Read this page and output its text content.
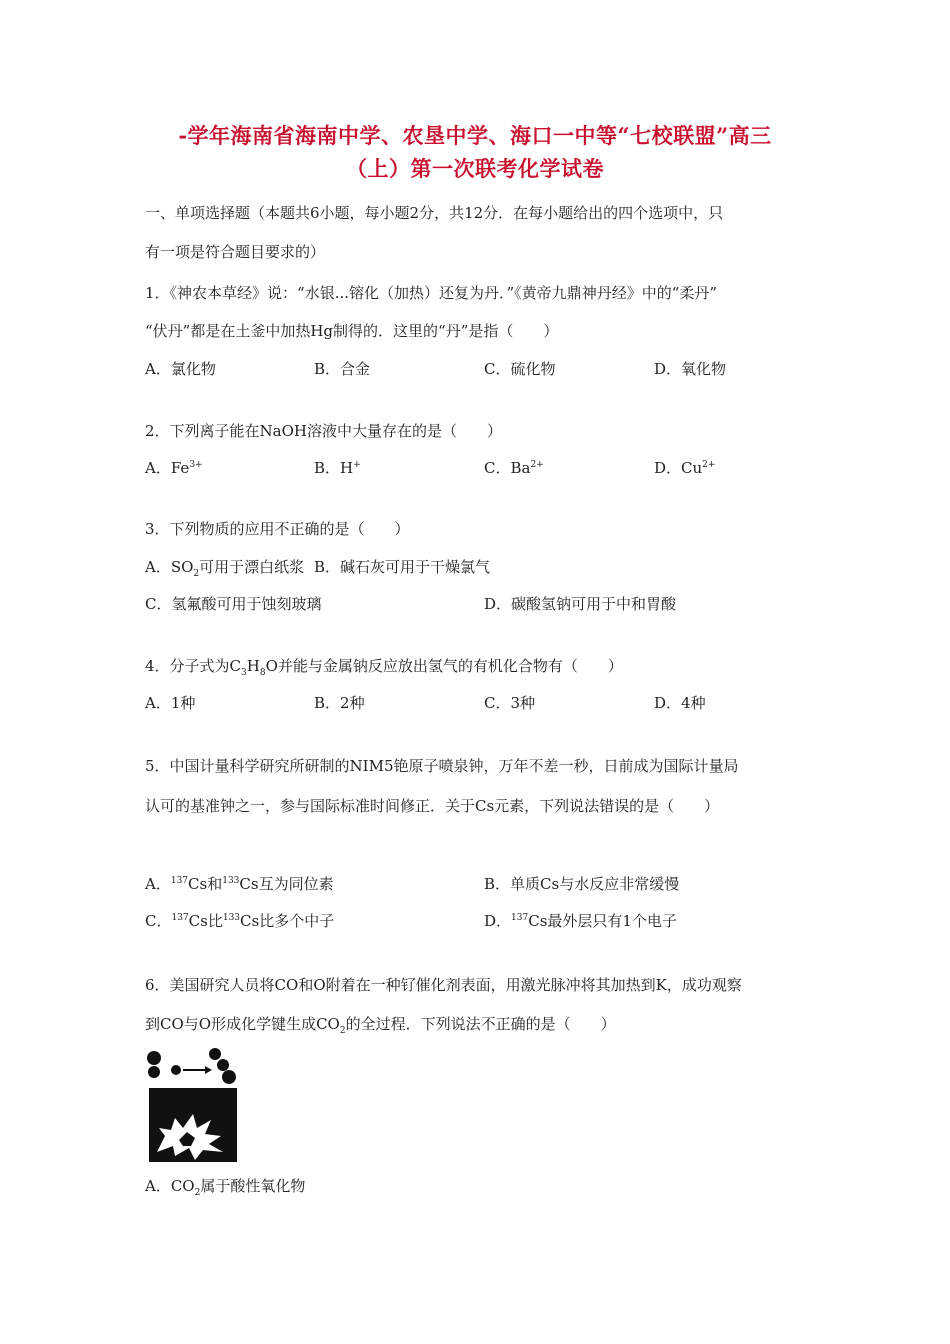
-学年海南省海南中学、农垦中学、海口一中等“七校联盟”高三
（上）第一次联考化学试卷
一、单项选择题（本题共6小题，每小题2分，共12分．在每小题给出的四个选项中，只
有一项是符合题目要求的）
1．《神农本草经》说：“水银...镕化（加热）还复为丹．”《黄帝九鼎神丹经》中的“柔丹”
“伏丹”都是在土釜中加热Hg制得的．这里的“丹”是指（　　）
A．氯化物	B．合金	C．硫化物	D．氧化物
2．下列离子能在NaOH溶液中大量存在的是（　　）
A．$Fe^{3+}$	B．H+	C．$Ba^{2+}$	D．$Cu^{2+}$
3．下列物质的应用不正确的是（　　）
A．$SO_2$可用于漂白纸浆 B．碱石灰可用于干燥氯气
C．氢氟酸可用于蚀刻玻璃	D．碳酸氢钠可用于中和胃酸
4．分子式为$C_3H_8O$并能与金属钠反应放出氢气的有机化合物有（　　）
A．1种	B．2种	C．3种	D．4种
5．中国计量科学研究所研制的NIM5铯原子喷泉钟，万年不差一秒，日前成为国际计量局
认可的基准钟之一，参与国际标准时间修正．关于Cs元素，下列说法错误的是（　　）
A．$^{137}$Cs和$^{133}$Cs互为同位素	B．单质Cs与水反应非常缓慢
C．$^{137}$Cs比$^{133}$Cs比多个中子	D．$^{137}$Cs最外层只有1个电子
6．美国研究人员将CO和O附着在一种钌催化剂表面，用激光脉冲将其加热到K，成功观察
到CO与O形成化学键生成$CO_2$的全过程．下列说法不正确的是（　　）
A．$CO_2$属于酸性氧化物
